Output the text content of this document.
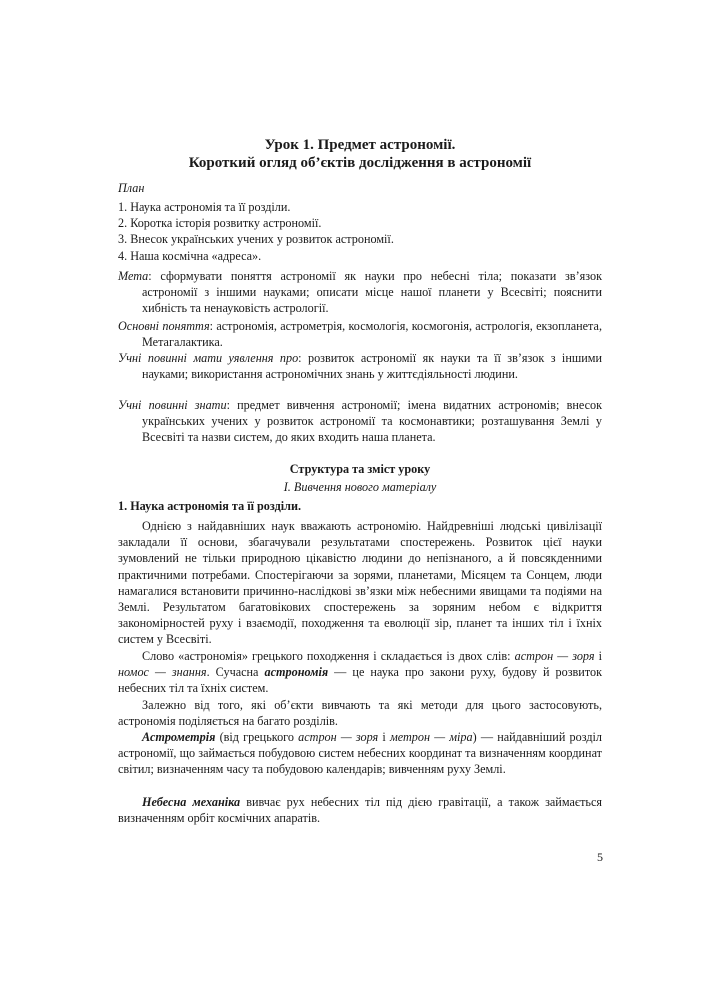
Урок 1. Предмет астрономії.
Короткий огляд об’єктів дослідження в астрономії
План
1. Наука астрономія та її розділи.
2. Коротка історія розвитку астрономії.
3. Внесок українських учених у розвиток астрономії.
4. Наша космічна «адреса».
Мета: сформувати поняття астрономії як науки про небесні тіла; показати зв’язок астрономії з іншими науками; описати місце нашої планети у Всесвіті; пояснити хибність та ненауковість астрології.
Основні поняття: астрономія, астрометрія, космологія, космогонія, астрологія, екзопланета, Метагалактика.
Учні повинні мати уявлення про: розвиток астрономії як науки та її зв’язок з іншими науками; використання астрономічних знань у життєдіяльності людини.
Учні повинні знати: предмет вивчення астрономії; імена видатних астрономів; внесок українських учених у розвиток астрономії та космонавтики; розташування Землі у Всесвіті та назви систем, до яких входить наша планета.
Структура та зміст уроку
I. Вивчення нового матеріалу
1. Наука астрономія та її розділи.

Однією з найдавніших наук вважають астрономію. Найдревніші людські цивілізації закладали її основи, збагачували результатами спостережень. Розвиток цієї науки зумовлений не тільки природною цікавістю людини до непізнаного, а й повсякденними практичними потребами. Спостерігаючи за зорями, планетами, Місяцем та Сонцем, люди намагалися встановити причинно-наслідкові зв’язки між небесними явищами та подіями на Землі. Результатом багатовікових спостережень за зоряним небом є відкриття закономірностей руху і взаємодії, походження та еволюції зір, планет та інших тіл і їхніх систем у Всесвіті.

Слово «астрономія» грецького походження і складається із двох слів: астрон — зоря і номос — знання. Сучасна астрономія — це наука про закони руху, будову й розвиток небесних тіл та їхніх систем.

Залежно від того, які об’єкти вивчають та які методи для цього застосовують, астрономія поділяється на багато розділів.

Астрометрія (від грецького астрон — зоря і метрон — міра) — найдавніший розділ астрономії, що займається побудовою систем небесних координат та визначенням координат світил; визначенням часу та побудовою календарів; вивченням руху Землі.

Небесна механіка вивчає рух небесних тіл під дією гравітації, а також займається визначенням орбіт космічних апаратів.

5
